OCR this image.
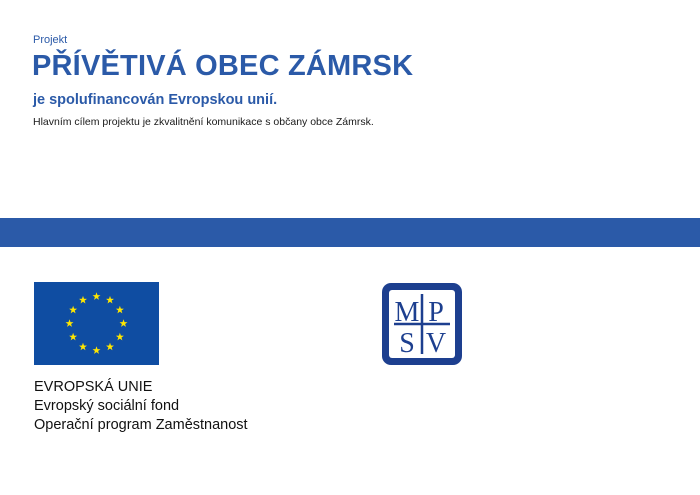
Projekt
PŘÍVĚTIVÁ OBEC ZÁMRSK
je spolufinancován Evropskou unií.
Hlavním cílem projektu je zkvalitnění komunikace s občany obce Zámrsk.
EVROPSKÁ UNIE
Evropský sociální fond
Operační program Zaměstnanost
M P
S V
